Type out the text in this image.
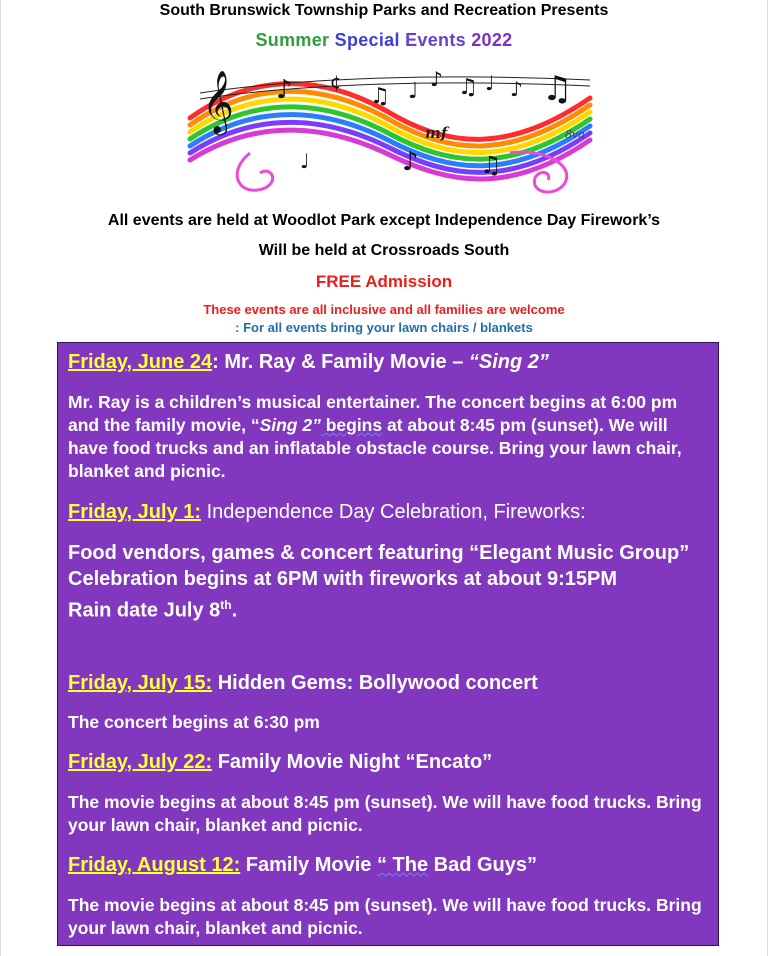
South Brunswick Township Parks and Recreation Presents
Summer Special Events 2022
𝄞 ♪ ¢
♫ ♩ ♪ ♫ ♩ ♪ ♫
♪	♫
♩
mf	8va
All events are held at Woodlot Park except Independence Day Firework’s
Will be held at Crossroads South
FREE Admission
These events are all inclusive and all families are welcome
: For all events bring your lawn chairs / blankets
Friday, June 24: Mr. Ray & Family Movie – “Sing 2”
Mr. Ray is a children’s musical entertainer. The concert begins at 6:00 pm and the family movie, “Sing 2” begins at about 8:45 pm (sunset). We will have food trucks and an inflatable obstacle course. Bring your lawn chair, blanket and picnic.
Friday, July 1: Independence Day Celebration, Fireworks:
Food vendors, games & concert featuring “Elegant Music Group”
Celebration begins at 6PM with fireworks at about 9:15PM
Rain date July 8th.
Friday, July 15: Hidden Gems: Bollywood concert
The concert begins at 6:30 pm
Friday, July 22: Family Movie Night “Encato”
The movie begins at about 8:45 pm (sunset). We will have food trucks. Bring your lawn chair, blanket and picnic.
Friday, August 12: Family Movie “ The Bad Guys”
The movie begins at about 8:45 pm (sunset). We will have food trucks. Bring your lawn chair, blanket and picnic.
